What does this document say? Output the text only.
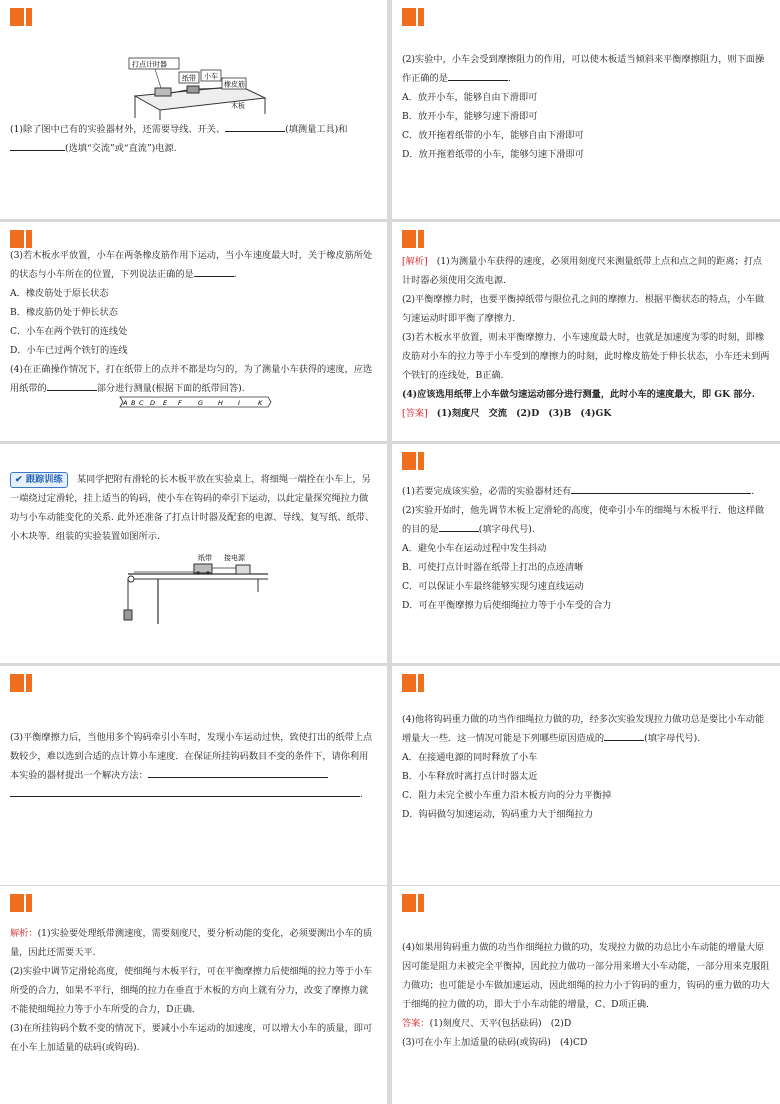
打点计时器
纸带 小车
橡皮筋
木板

(1)除了图中已有的实验器材外，还需要导线、开关、	(填测量工具)和

(选填“交流”或“直流”)电源.

(2)实验中，小车会受到摩擦阻力的作用，可以使木板适当倾斜来平衡摩擦阻力，则下面操作正确的是	.

A．放开小车，能够自由下滑即可

B．放开小车，能够匀速下滑即可

C．放开拖着纸带的小车，能够自由下滑即可

D．放开拖着纸带的小车，能够匀速下滑即可

(3)若木板水平放置，小车在两条橡皮筋作用下运动，当小车速度最大时，关于橡皮筋所处的状态与小车所在的位置，下列说法正确的是	.

A．橡皮筋处于原长状态

B．橡皮筋仍处于伸长状态

C．小车在两个铁钉的连线处

D．小车已过两个铁钉的连线

(4)在正确操作情况下，打在纸带上的点并不都是均匀的，为了测量小车获得的速度，应选用纸带的	部分进行测量(根据下面的纸带回答).

A B C D E F	G H I	K

[解析]　 (1)为测量小车获得的速度，必须用刻度尺来测量纸带上点和点之间的距离；打点计时器必须使用交流电源.

(2)平衡摩擦力时，也要平衡掉纸带与限位孔之间的摩擦力．根据平衡状态的特点，小车做匀速运动时即平衡了摩擦力.

(3)若木板水平放置，则未平衡摩擦力．小车速度最大时，也就是加速度为零的时刻，即橡皮筋对小车的拉力等于小车受到的摩擦力的时刻，此时橡皮筋处于伸长状态，小车还未到两个铁钉的连线处，B正确.

(4)应该选用纸带上小车做匀速运动部分进行测量，此时小车的速度最大，即 GK 部分.

[答案]　 (1)刻度尺　交流　(2)D　(3)B　(4)GK

✔ 跟踪训练　 某同学把附有滑轮的长木板平放在实验桌上，将细绳一端拴在小车上，另一端绕过定滑轮，挂上适当的钩码，使小车在钩码的牵引下运动，以此定量探究绳拉力做功与小车动能变化的关系. 此外还准备了打点计时器及配套的电源、导线、复写纸、纸带、小木块等．组装的实验装置如图所示.

纸带 接电源

(1)若要完成该实验，必需的实验器材还有	.

(2)实验开始时，他先调节木板上定滑轮的高度，使牵引小车的细绳与木板平行．他这样做的目的是	(填字母代号).

A．避免小车在运动过程中发生抖动

B．可使打点计时器在纸带上打出的点迹清晰

C．可以保证小车最终能够实现匀速直线运动

D．可在平衡摩擦力后使细绳拉力等于小车受的合力

(3)平衡摩擦力后，当他用多个钩码牵引小车时，发现小车运动过快，致使打出的纸带上点数较少，难以选到合适的点计算小车速度．在保证所挂钩码数目不变的条件下，请你利用本实验的器材提出一个解决方法：

.

(4)他将钩码重力做的功当作细绳拉力做的功，经多次实验发现拉力做功总是要比小车动能增量大一些．这一情况可能是下列哪些原因造成的	(填字母代号).

A．在接通电源的同时释放了小车

B．小车释放时离打点计时器太近

C．阻力未完全被小车重力沿木板方向的分力平衡掉

D．钩码做匀加速运动，钩码重力大于细绳拉力

解析：(1)实验要处理纸带测速度，需要刻度尺，要分析动能的变化，必须要测出小车的质量，因此还需要天平.

(2)实验中调节定滑轮高度，使细绳与木板平行，可在平衡摩擦力后使细绳的拉力等于小车所受的合力，如果不平行，细绳的拉力在垂直于木板的方向上就有分力，改变了摩擦力就不能使细绳拉力等于小车所受的合力，D正确.

(3)在所挂钩码个数不变的情况下，要减小小车运动的加速度，可以增大小车的质量，即可在小车上加适量的砝码(或钩码).

(4)如果用钩码重力做的功当作细绳拉力做的功，发现拉力做的功总比小车动能的增量大原因可能是阻力未被完全平衡掉，因此拉力做功一部分用来增大小车动能，一部分用来克服阻力做功；也可能是小车做加速运动，因此细绳的拉力小于钩码的重力，钩码的重力做的功大于细绳的拉力做的功，即大于小车动能的增量，C、D项正确.

答案：(1)刻度尺、天平(包括砝码)　(2)D

(3)可在小车上加适量的砝码(或钩码)　(4)CD
